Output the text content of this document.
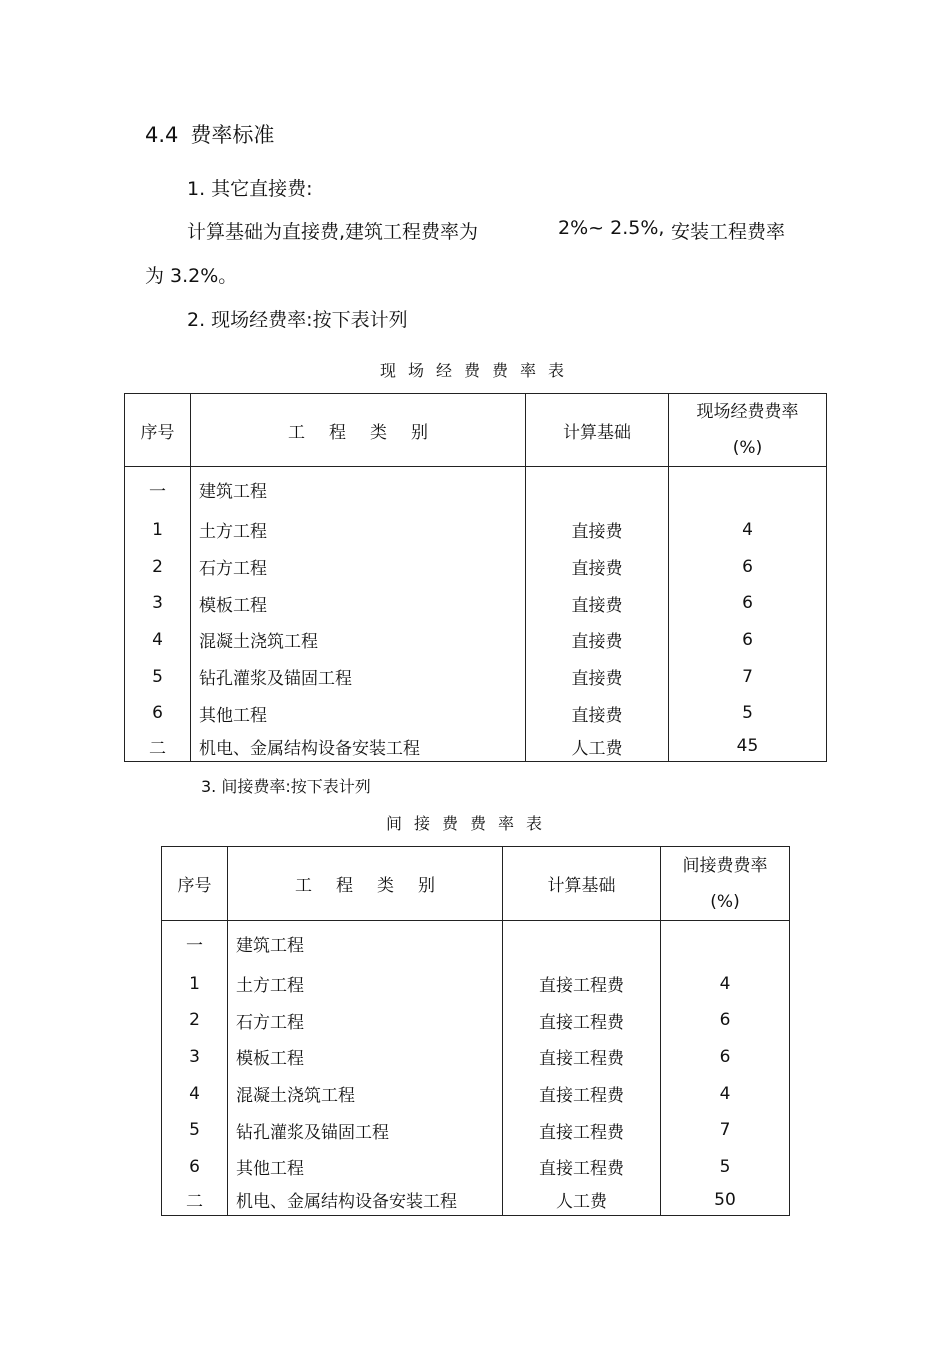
4.4 费率标准
1. 其它直接费:
计算基础为直接费,建筑工程费率为	2%~ 2.5%, 安装工程费率
为 3.2%。
2. 现场经费率:按下表计列
现场经费费率表
序号	工 程 类 别	计算基础	现场经费费率
(%)

一	建筑工程		
1	土方工程	直接费	4
2	石方工程	直接费	6
3	模板工程	直接费	6
4	混凝土浇筑工程	直接费	6
5	钻孔灌浆及锚固工程	直接费	7
6	其他工程	直接费	5
二	机电、金属结构设备安装工程	人工费	45
3. 间接费率:按下表计列
间接费费率表
序号	工 程 类 别	计算基础	间接费费率
(%)

一	建筑工程		
1	土方工程	直接工程费	4
2	石方工程	直接工程费	6
3	模板工程	直接工程费	6
4	混凝土浇筑工程	直接工程费	4
5	钻孔灌浆及锚固工程	直接工程费	7
6	其他工程	直接工程费	5
二	机电、金属结构设备安装工程	人工费	50
